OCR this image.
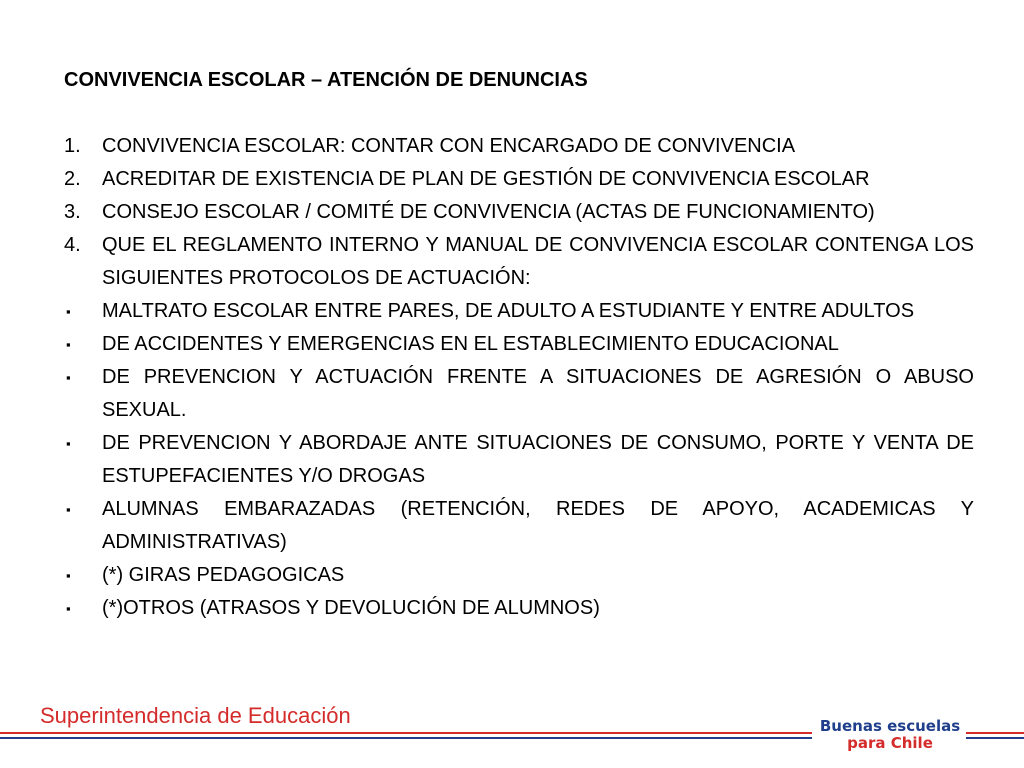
CONVIVENCIA ESCOLAR – ATENCIÓN DE DENUNCIAS
1.	CONVIVENCIA ESCOLAR: CONTAR CON ENCARGADO DE CONVIVENCIA
2.	ACREDITAR DE EXISTENCIA DE PLAN DE GESTIÓN DE CONVIVENCIA ESCOLAR
3.	CONSEJO ESCOLAR / COMITÉ DE CONVIVENCIA (ACTAS DE FUNCIONAMIENTO)
4.	QUE EL REGLAMENTO INTERNO Y MANUAL DE CONVIVENCIA ESCOLAR CONTENGA LOS SIGUIENTES PROTOCOLOS DE ACTUACIÓN:
▪	MALTRATO ESCOLAR ENTRE PARES, DE ADULTO A ESTUDIANTE Y ENTRE ADULTOS
▪	DE ACCIDENTES Y EMERGENCIAS EN EL ESTABLECIMIENTO EDUCACIONAL
▪	DE PREVENCION Y ACTUACIÓN FRENTE A SITUACIONES DE AGRESIÓN O ABUSO SEXUAL.
▪	DE PREVENCION Y ABORDAJE ANTE SITUACIONES DE CONSUMO, PORTE Y VENTA DE ESTUPEFACIENTES Y/O DROGAS
▪	ALUMNAS EMBARAZADAS (RETENCIÓN, REDES DE APOYO, ACADEMICAS Y ADMINISTRATIVAS)
▪	(*) GIRAS PEDAGOGICAS
▪	(*)OTROS (ATRASOS Y DEVOLUCIÓN DE ALUMNOS)
Superintendencia de Educación	Buenas escuelas
para Chile
